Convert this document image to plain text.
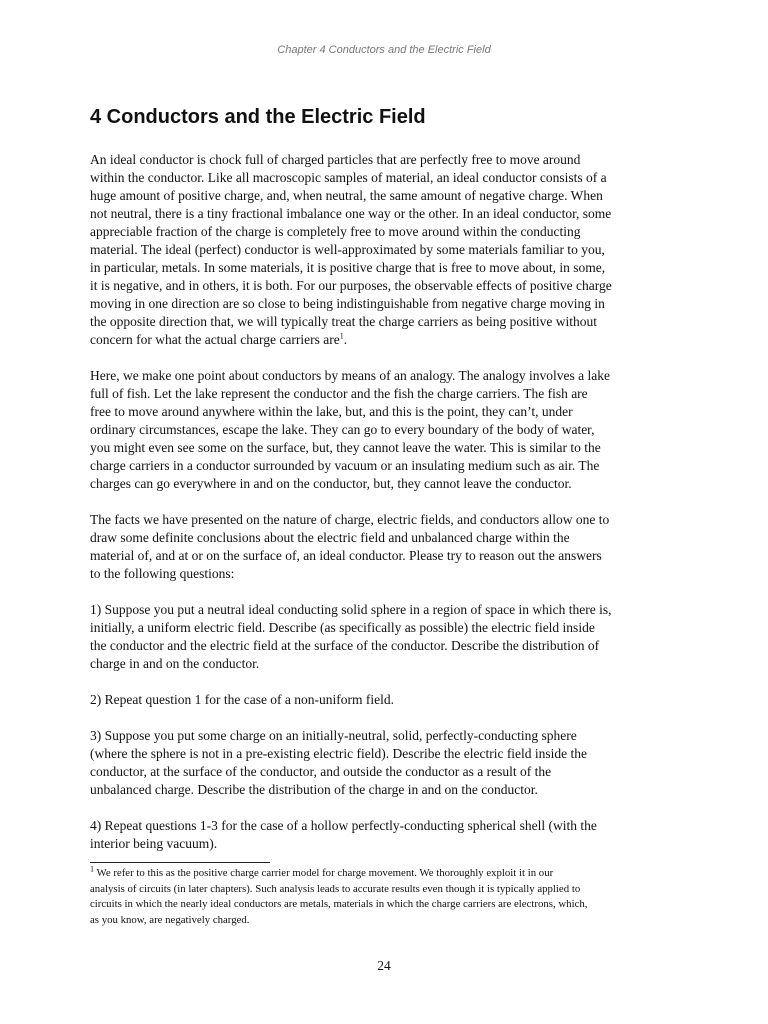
Chapter 4 Conductors and the Electric Field
4 Conductors and the Electric Field

An ideal conductor is chock full of charged particles that are perfectly free to move around
within the conductor. Like all macroscopic samples of material, an ideal conductor consists of a
huge amount of positive charge, and, when neutral, the same amount of negative charge. When
not neutral, there is a tiny fractional imbalance one way or the other. In an ideal conductor, some
appreciable fraction of the charge is completely free to move around within the conducting
material. The ideal (perfect) conductor is well-approximated by some materials familiar to you,
in particular, metals. In some materials, it is positive charge that is free to move about, in some,
it is negative, and in others, it is both. For our purposes, the observable effects of positive charge
moving in one direction are so close to being indistinguishable from negative charge moving in
the opposite direction that, we will typically treat the charge carriers as being positive without
concern for what the actual charge carriers are$^1$.

Here, we make one point about conductors by means of an analogy. The analogy involves a lake
full of fish. Let the lake represent the conductor and the fish the charge carriers. The fish are
free to move around anywhere within the lake, but, and this is the point, they can’t, under
ordinary circumstances, escape the lake. They can go to every boundary of the body of water,
you might even see some on the surface, but, they cannot leave the water. This is similar to the
charge carriers in a conductor surrounded by vacuum or an insulating medium such as air. The
charges can go everywhere in and on the conductor, but, they cannot leave the conductor.

The facts we have presented on the nature of charge, electric fields, and conductors allow one to
draw some definite conclusions about the electric field and unbalanced charge within the
material of, and at or on the surface of, an ideal conductor. Please try to reason out the answers
to the following questions:

1) Suppose you put a neutral ideal conducting solid sphere in a region of space in which there is,
initially, a uniform electric field. Describe (as specifically as possible) the electric field inside
the conductor and the electric field at the surface of the conductor. Describe the distribution of
charge in and on the conductor.

2) Repeat question 1 for the case of a non-uniform field.

3) Suppose you put some charge on an initially-neutral, solid, perfectly-conducting sphere
(where the sphere is not in a pre-existing electric field). Describe the electric field inside the
conductor, at the surface of the conductor, and outside the conductor as a result of the
unbalanced charge. Describe the distribution of the charge in and on the conductor.

4) Repeat questions 1-3 for the case of a hollow perfectly-conducting spherical shell (with the
interior being vacuum).

$^1$ We refer to this as the positive charge carrier model for charge movement. We thoroughly exploit it in our
analysis of circuits (in later chapters). Such analysis leads to accurate results even though it is typically applied to
circuits in which the nearly ideal conductors are metals, materials in which the charge carriers are electrons, which,
as you know, are negatively charged.

24
